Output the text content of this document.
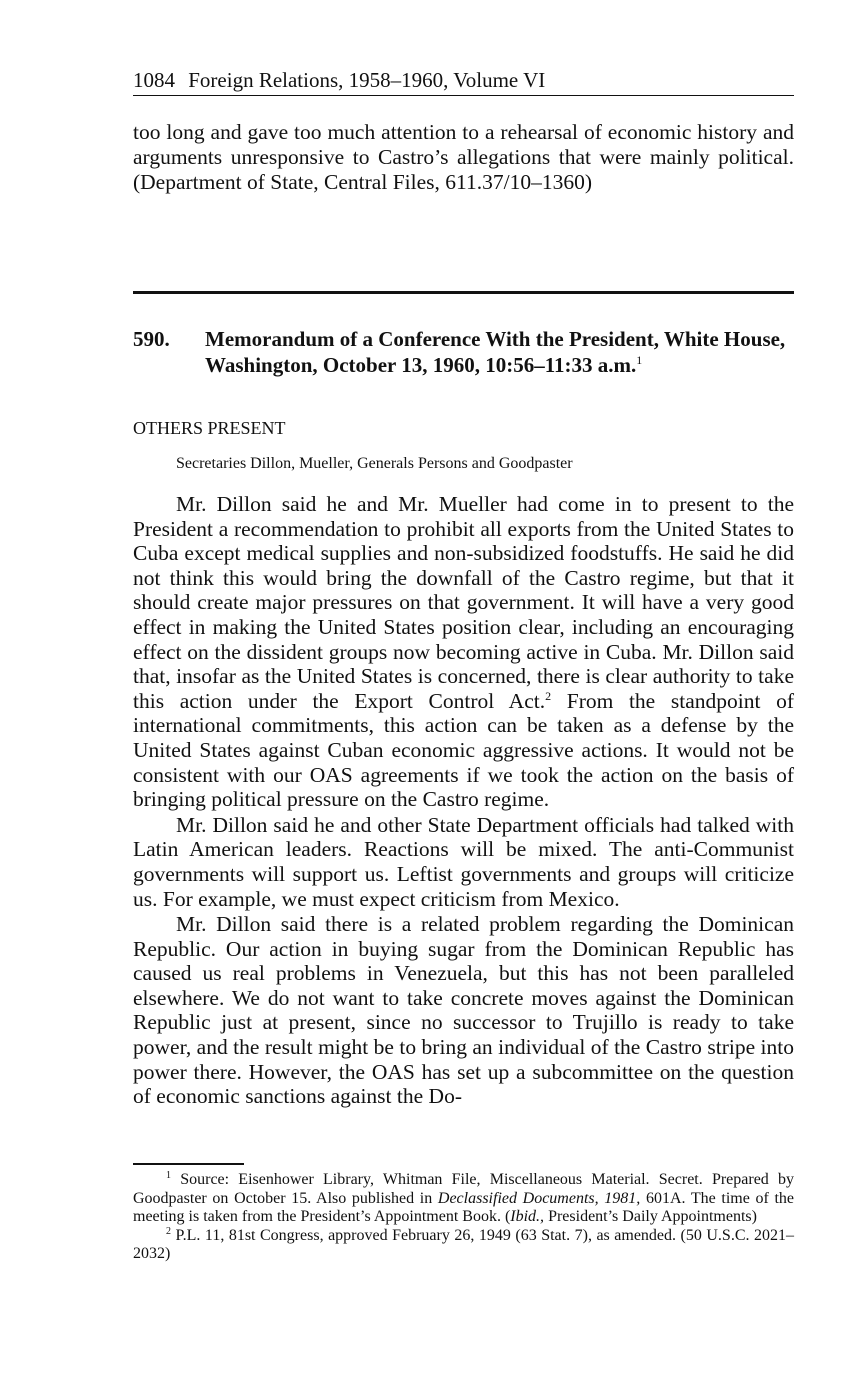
1084 Foreign Relations, 1958–1960, Volume VI

too long and gave too much attention to a rehearsal of economic history and arguments unresponsive to Castro’s allegations that were mainly political. (Department of State, Central Files, 611.37/10–1360)

590. Memorandum of a Conference With the President, White House, Washington, October 13, 1960, 10:56–11:33 a.m.$^1$
OTHERS PRESENT
Secretaries Dillon, Mueller, Generals Persons and Goodpaster

Mr. Dillon said he and Mr. Mueller had come in to present to the President a recommendation to prohibit all exports from the United States to Cuba except medical supplies and non-subsidized foodstuffs. He said he did not think this would bring the downfall of the Castro regime, but that it should create major pressures on that government. It will have a very good effect in making the United States position clear, including an encouraging effect on the dissident groups now becoming active in Cuba. Mr. Dillon said that, insofar as the United States is concerned, there is clear authority to take this action under the Export Control Act.$^2$ From the standpoint of international commitments, this action can be taken as a defense by the United States against Cuban economic aggressive actions. It would not be consistent with our OAS agreements if we took the action on the basis of bringing political pressure on the Castro regime.

Mr. Dillon said he and other State Department officials had talked with Latin American leaders. Reactions will be mixed. The anti-Communist governments will support us. Leftist governments and groups will criticize us. For example, we must expect criticism from Mexico.

Mr. Dillon said there is a related problem regarding the Dominican Republic. Our action in buying sugar from the Dominican Republic has caused us real problems in Venezuela, but this has not been paralleled elsewhere. We do not want to take concrete moves against the Dominican Republic just at present, since no successor to Trujillo is ready to take power, and the result might be to bring an individual of the Castro stripe into power there. However, the OAS has set up a subcommittee on the question of economic sanctions against the Do-

$^1$ Source: Eisenhower Library, Whitman File, Miscellaneous Material. Secret. Prepared by Goodpaster on October 15. Also published in Declassified Documents, 1981, 601A. The time of the meeting is taken from the President’s Appointment Book. (Ibid., President’s Daily Appointments)

$^2$ P.L. 11, 81st Congress, approved February 26, 1949 (63 Stat. 7), as amended. (50 U.S.C. 2021–2032)
